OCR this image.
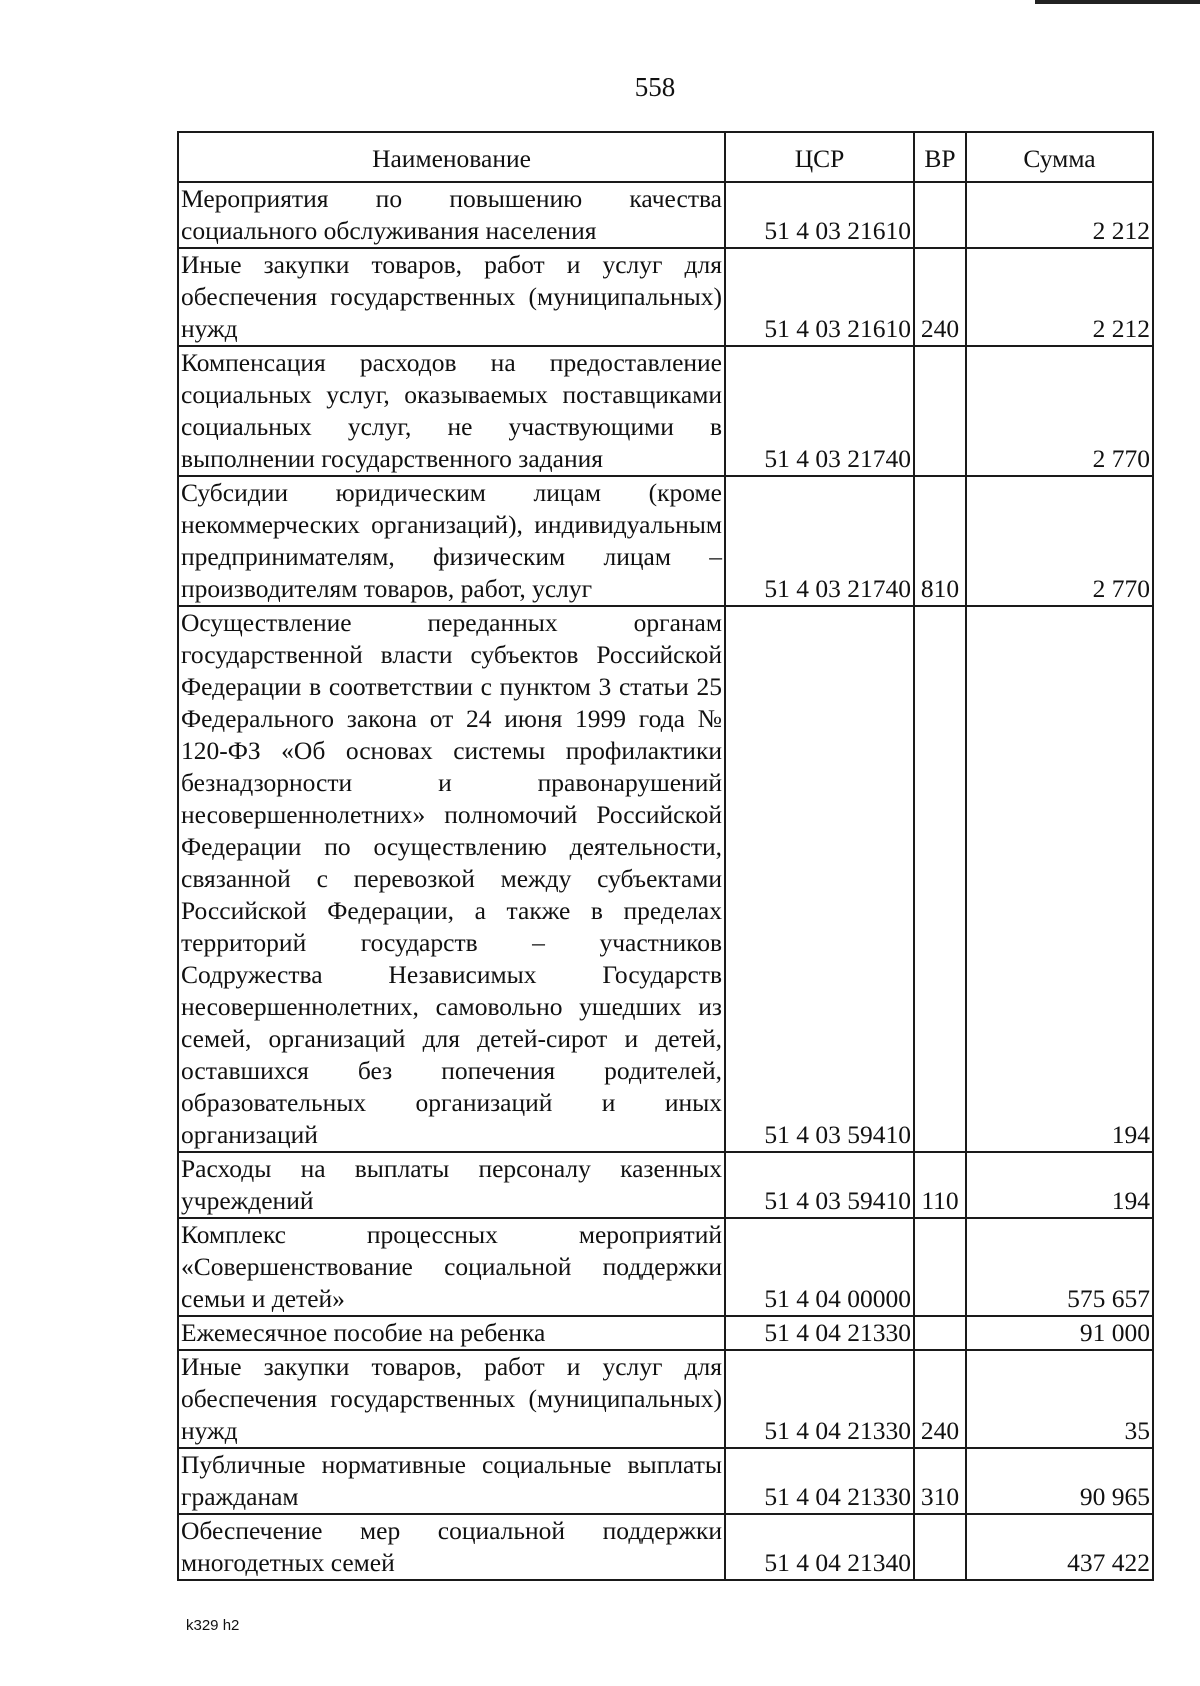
558
Наименование	ЦСР	ВР	Сумма
Мероприятия по повышению качества социального обслуживания населения	51 4 03 21610		2 212
Иные закупки товаров, работ и услуг для обеспечения государственных (муниципальных) нужд	51 4 03 21610	240	2 212
Компенсация расходов на предоставление социальных услуг, оказываемых поставщиками социальных услуг, не участвующими в выполнении государственного задания	51 4 03 21740		2 770
Субсидии юридическим лицам (кроме некоммерческих организаций), индивидуальным предпринимателям, физическим лицам – производителям товаров, работ, услуг	51 4 03 21740	810	2 770
Осуществление переданных органам государственной власти субъектов Российской Федерации в соответствии с пунктом 3 статьи 25 Федерального закона от 24 июня 1999 года № 120-ФЗ «Об основах системы профилактики безнадзорности и правонарушений несовершеннолетних» полномочий Российской Федерации по осуществлению деятельности, связанной с перевозкой между субъектами Российской Федерации, а также в пределах территорий государств – участников Содружества Независимых Государств несовершеннолетних, самовольно ушедших из семей, организаций для детей-сирот и детей, оставшихся без попечения родителей, образовательных организаций и иных организаций	51 4 03 59410		194
Расходы на выплаты персоналу казенных учреждений	51 4 03 59410	110	194
Комплекс процессных мероприятий «Совершенствование социальной поддержки семьи и детей»	51 4 04 00000		575 657
Ежемесячное пособие на ребенка	51 4 04 21330		91 000
Иные закупки товаров, работ и услуг для обеспечения государственных (муниципальных) нужд	51 4 04 21330	240	35
Публичные нормативные социальные выплаты гражданам	51 4 04 21330	310	90 965
Обеспечение мер социальной поддержки многодетных семей	51 4 04 21340		437 422
k329 h2
